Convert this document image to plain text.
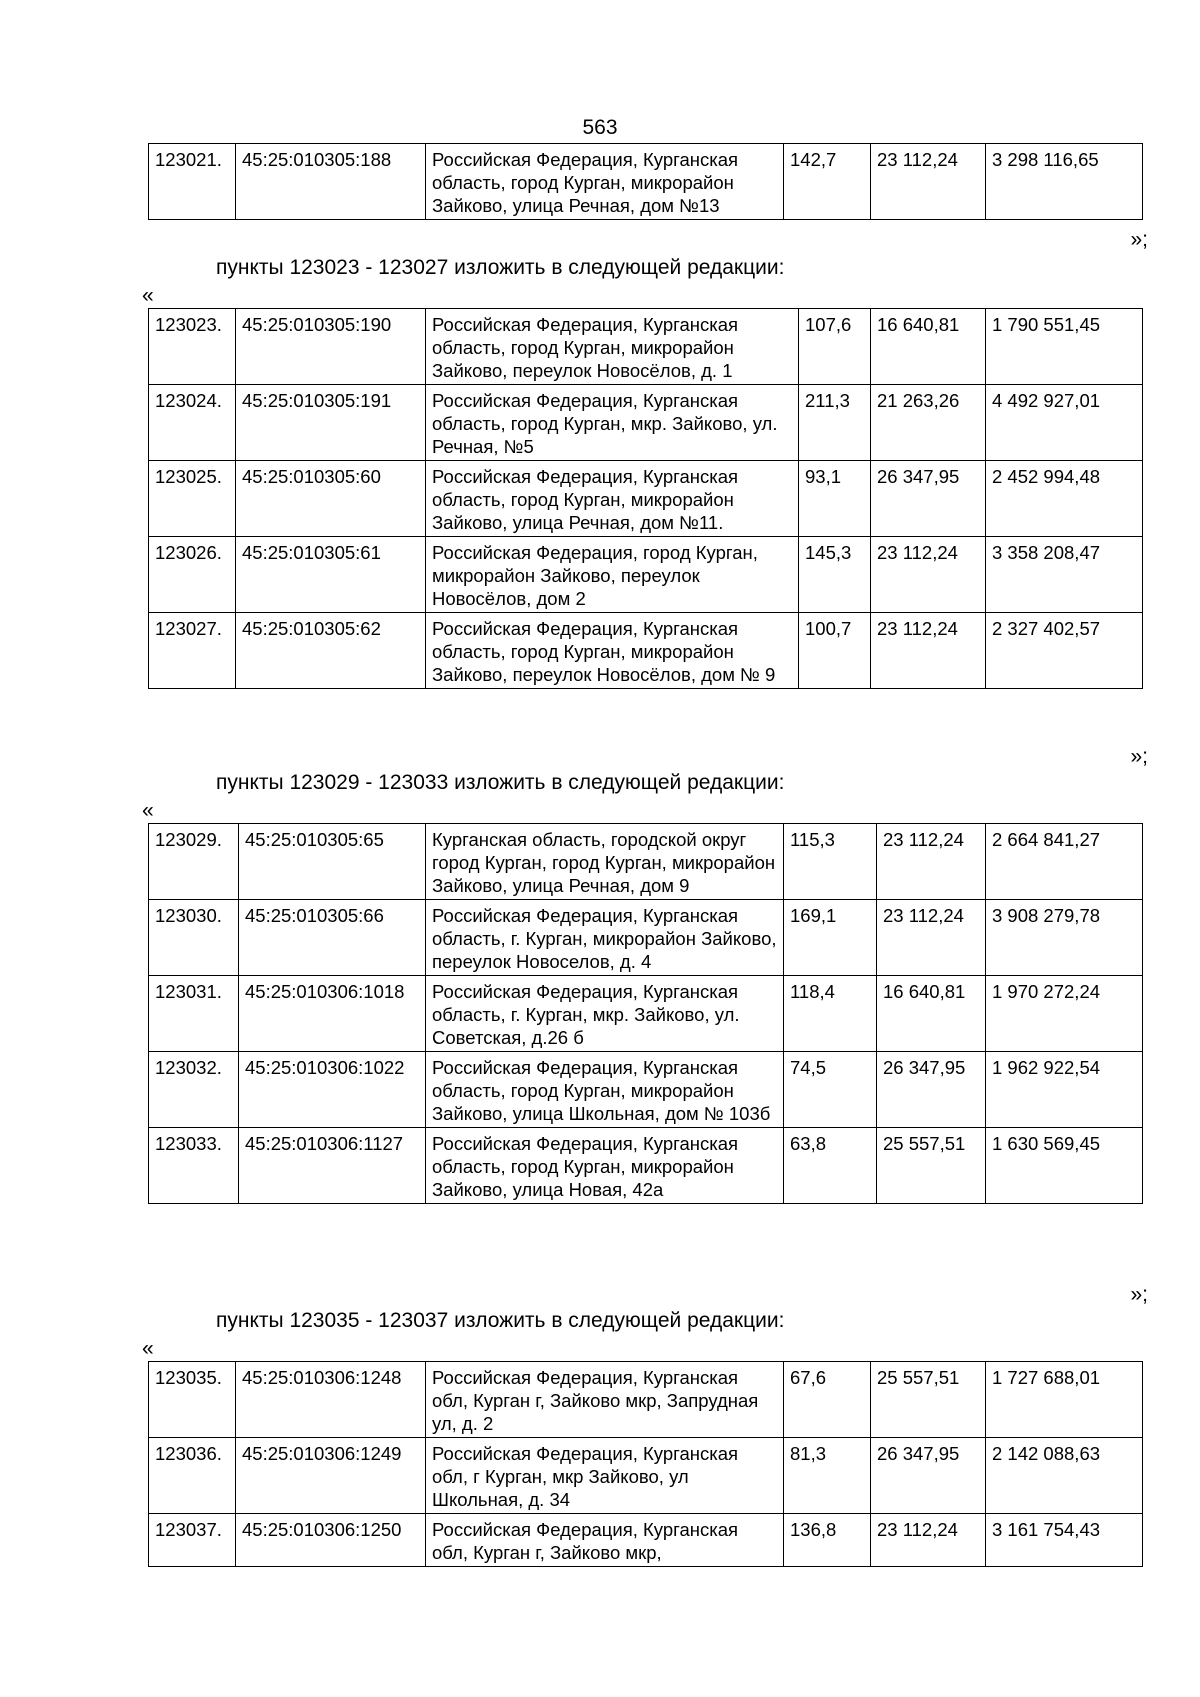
563
123021.	45:25:010305:188	Российская Федерация, Курганская область, город Курган, микрорайон Зайково, улица Речная, дом №13	142,7	23 112,24	3 298 116,65
»;
пункты 123023 - 123027 изложить в следующей редакции:
«
123023.	45:25:010305:190	Российская Федерация, Курганская область, город Курган, микрорайон Зайково, переулок Новосёлов, д. 1	107,6	16 640,81	1 790 551,45
123024.	45:25:010305:191	Российская Федерация, Курганская область, город Курган, мкр. Зайково, ул. Речная, №5	211,3	21 263,26	4 492 927,01
123025.	45:25:010305:60	Российская Федерация, Курганская область, город Курган, микрорайон Зайково, улица Речная, дом №11.	93,1	26 347,95	2 452 994,48
123026.	45:25:010305:61	Российская Федерация, город Курган, микрорайон Зайково, переулок Новосёлов, дом 2	145,3	23 112,24	3 358 208,47
123027.	45:25:010305:62	Российская Федерация, Курганская область, город Курган, микрорайон Зайково, переулок Новосёлов, дом № 9	100,7	23 112,24	2 327 402,57
»;
пункты 123029 - 123033 изложить в следующей редакции:
«
123029.	45:25:010305:65	Курганская область, городской округ город Курган, город Курган, микрорайон Зайково, улица Речная, дом 9	115,3	23 112,24	2 664 841,27
123030.	45:25:010305:66	Российская Федерация, Курганская область, г. Курган, микрорайон Зайково, переулок Новоселов, д. 4	169,1	23 112,24	3 908 279,78
123031.	45:25:010306:1018	Российская Федерация, Курганская область, г. Курган, мкр. Зайково, ул. Советская, д.26 б	118,4	16 640,81	1 970 272,24
123032.	45:25:010306:1022	Российская Федерация, Курганская область, город Курган, микрорайон Зайково, улица Школьная, дом № 103б	74,5	26 347,95	1 962 922,54
123033.	45:25:010306:1127	Российская Федерация, Курганская область, город Курган, микрорайон Зайково, улица Новая, 42а	63,8	25 557,51	1 630 569,45
»;
пункты 123035 - 123037 изложить в следующей редакции:
«
123035.	45:25:010306:1248	Российская Федерация, Курганская обл, Курган г, Зайково мкр, Запрудная ул, д. 2	67,6	25 557,51	1 727 688,01
123036.	45:25:010306:1249	Российская Федерация, Курганская обл, г Курган, мкр Зайково, ул Школьная, д. 34	81,3	26 347,95	2 142 088,63
123037.	45:25:010306:1250	Российская Федерация, Курганская обл, Курган г, Зайково мкр,	136,8	23 112,24	3 161 754,43
